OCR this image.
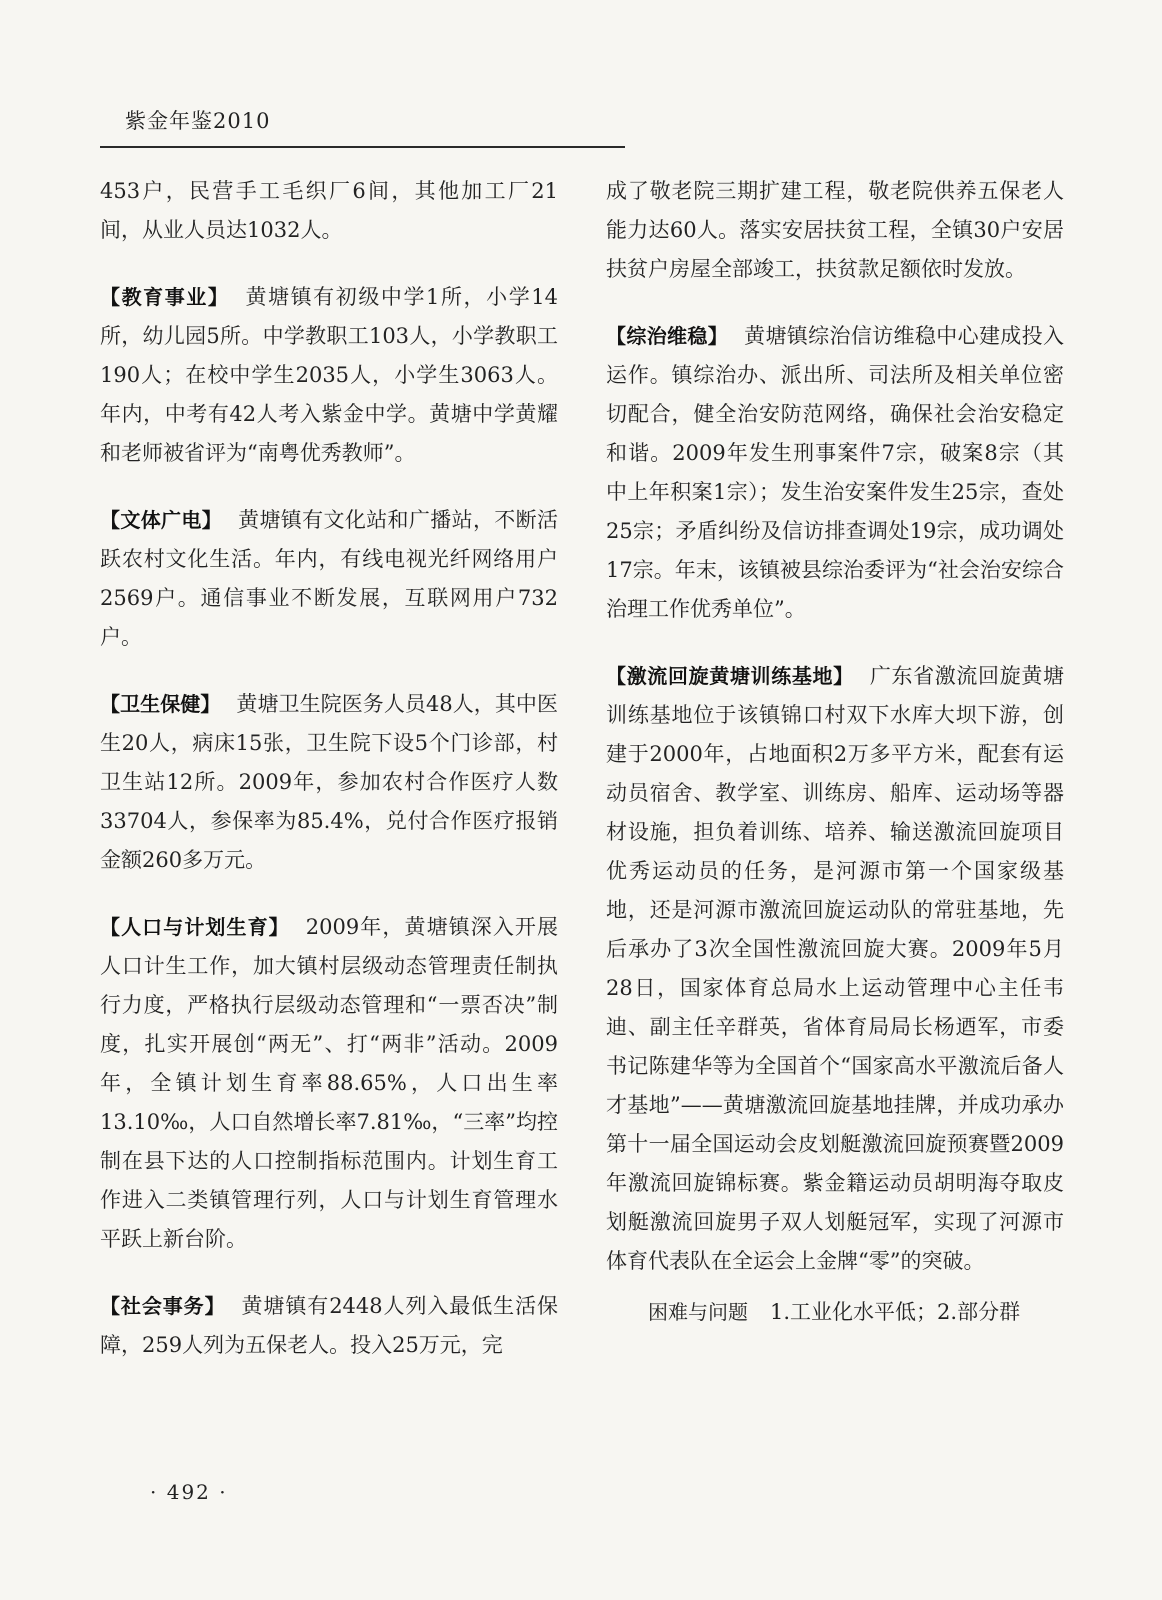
紫金年鉴2010

453户，民营手工毛织厂6间，其他加工厂21间，从业人员达1032人。

【教育事业】 黄塘镇有初级中学1所，小学14所，幼儿园5所。中学教职工103人，小学教职工190人；在校中学生2035人，小学生3063人。年内，中考有42人考入紫金中学。黄塘中学黄耀和老师被省评为“南粤优秀教师”。

【文体广电】 黄塘镇有文化站和广播站，不断活跃农村文化生活。年内，有线电视光纤网络用户2569户。通信事业不断发展，互联网用户732户。

【卫生保健】 黄塘卫生院医务人员48人，其中医生20人，病床15张，卫生院下设5个门诊部，村卫生站12所。2009年，参加农村合作医疗人数33704人，参保率为85.4%，兑付合作医疗报销金额260多万元。

【人口与计划生育】 2009年，黄塘镇深入开展人口计生工作，加大镇村层级动态管理责任制执行力度，严格执行层级动态管理和“一票否决”制度，扎实开展创“两无”、打“两非”活动。2009年，全镇计划生育率88.65%，人口出生率13.10‰，人口自然增长率7.81‰，“三率”均控制在县下达的人口控制指标范围内。计划生育工作进入二类镇管理行列，人口与计划生育管理水平跃上新台阶。

【社会事务】 黄塘镇有2448人列入最低生活保障，259人列为五保老人。投入25万元，完

成了敬老院三期扩建工程，敬老院供养五保老人能力达60人。落实安居扶贫工程，全镇30户安居扶贫户房屋全部竣工，扶贫款足额依时发放。

【综治维稳】 黄塘镇综治信访维稳中心建成投入运作。镇综治办、派出所、司法所及相关单位密切配合，健全治安防范网络，确保社会治安稳定和谐。2009年发生刑事案件7宗，破案8宗（其中上年积案1宗）；发生治安案件发生25宗，查处25宗；矛盾纠纷及信访排查调处19宗，成功调处17宗。年末，该镇被县综治委评为“社会治安综合治理工作优秀单位”。

【激流回旋黄塘训练基地】 广东省激流回旋黄塘训练基地位于该镇锦口村双下水库大坝下游，创建于2000年，占地面积2万多平方米，配套有运动员宿舍、教学室、训练房、船库、运动场等器材设施，担负着训练、培养、输送激流回旋项目优秀运动员的任务，是河源市第一个国家级基地，还是河源市激流回旋运动队的常驻基地，先后承办了3次全国性激流回旋大赛。2009年5月28日，国家体育总局水上运动管理中心主任韦迪、副主任辛群英，省体育局局长杨迺军，市委书记陈建华等为全国首个“国家高水平激流后备人才基地”——黄塘激流回旋基地挂牌，并成功承办第十一届全国运动会皮划艇激流回旋预赛暨2009年激流回旋锦标赛。紫金籍运动员胡明海夺取皮划艇激流回旋男子双人划艇冠军，实现了河源市体育代表队在全运会上金牌“零”的突破。

困难与问题 1.工业化水平低；2.部分群

· 492 ·
